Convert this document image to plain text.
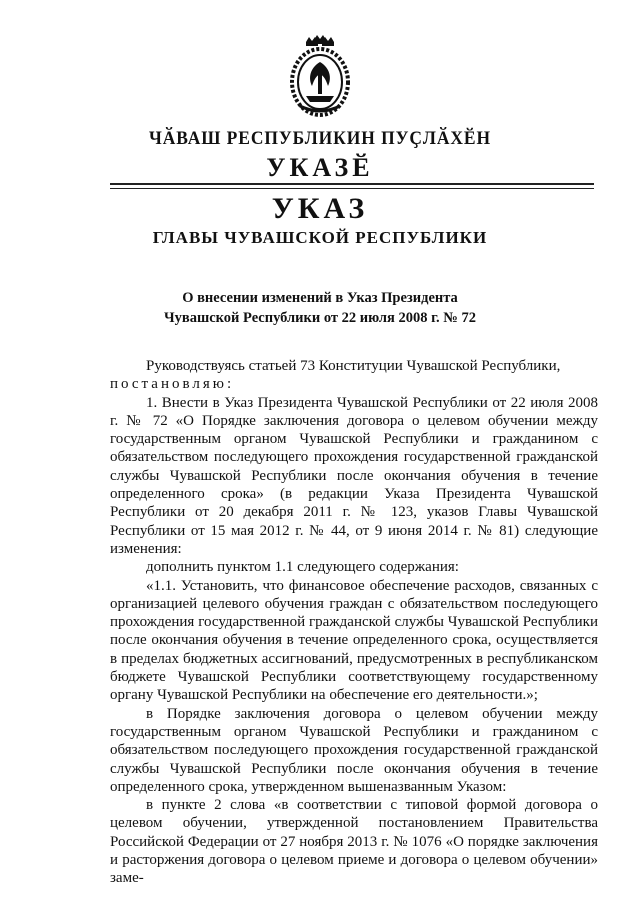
ЧӐВАШ РЕСПУБЛИКИН ПУҪЛӐХӖН
УКАЗӖ
УКАЗ
ГЛАВЫ ЧУВАШСКОЙ РЕСПУБЛИКИ
О внесении изменений в Указ Президента
Чувашской Республики от 22 июля 2008 г. № 72

Руководствуясь статьей 73 Конституции Чувашской Республики,
постановляю:

1. Внести в Указ Президента Чувашской Республики от 22 июля 2008 г. № 72 «О Порядке заключения договора о целевом обучении между государственным органом Чувашской Республики и гражданином с обязательством последующего прохождения государственной гражданской службы Чувашской Республики после окончания обучения в течение определенного срока» (в редакции Указа Президента Чувашской Республики от 20 декабря 2011 г. № 123, указов Главы Чувашской Республики от 15 мая 2012 г. № 44, от 9 июня 2014 г. № 81) следующие изменения:

дополнить пунктом 1.1 следующего содержания:

«1.1. Установить, что финансовое обеспечение расходов, связанных с организацией целевого обучения граждан с обязательством последующего прохождения государственной гражданской службы Чувашской Республики после окончания обучения в течение определенного срока, осуществляется в пределах бюджетных ассигнований, предусмотренных в республиканском бюджете Чувашской Республики соответствующему государственному органу Чувашской Республики на обеспечение его деятельности.»;

в Порядке заключения договора о целевом обучении между государственным органом Чувашской Республики и гражданином с обязательством последующего прохождения государственной гражданской службы Чувашской Республики после окончания обучения в течение определенного срока, утвержденном вышеназванным Указом:

в пункте 2 слова «в соответствии с типовой формой договора о целевом обучении, утвержденной постановлением Правительства Российской Федерации от 27 ноября 2013 г. № 1076 «О порядке заключения и расторжения договора о целевом приеме и договора о целевом обучении» заме-
